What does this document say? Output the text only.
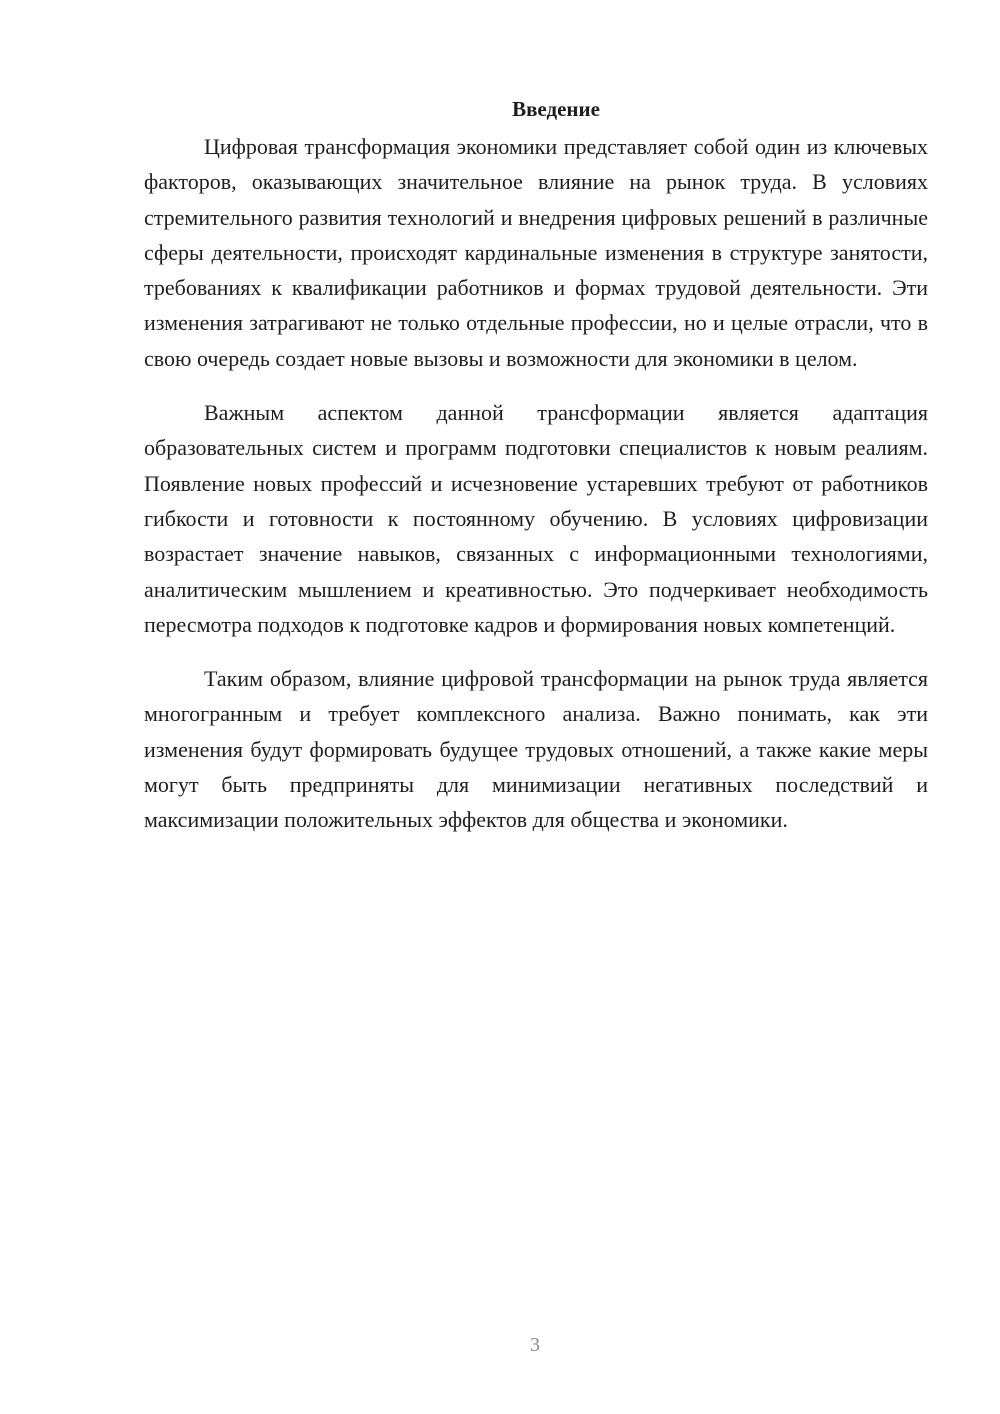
Введение

Цифровая трансформация экономики представляет собой один из ключевых факторов, оказывающих значительное влияние на рынок труда. В условиях стремительного развития технологий и внедрения цифровых решений в различные сферы деятельности, происходят кардинальные изменения в структуре занятости, требованиях к квалификации работников и формах трудовой деятельности. Эти изменения затрагивают не только отдельные профессии, но и целые отрасли, что в свою очередь создает новые вызовы и возможности для экономики в целом.

Важным аспектом данной трансформации является адаптация образовательных систем и программ подготовки специалистов к новым реалиям. Появление новых профессий и исчезновение устаревших требуют от работников гибкости и готовности к постоянному обучению. В условиях цифровизации возрастает значение навыков, связанных с информационными технологиями, аналитическим мышлением и креативностью. Это подчеркивает необходимость пересмотра подходов к подготовке кадров и формирования новых компетенций.

Таким образом, влияние цифровой трансформации на рынок труда является многогранным и требует комплексного анализа. Важно понимать, как эти изменения будут формировать будущее трудовых отношений, а также какие меры могут быть предприняты для минимизации негативных последствий и максимизации положительных эффектов для общества и экономики.

3
